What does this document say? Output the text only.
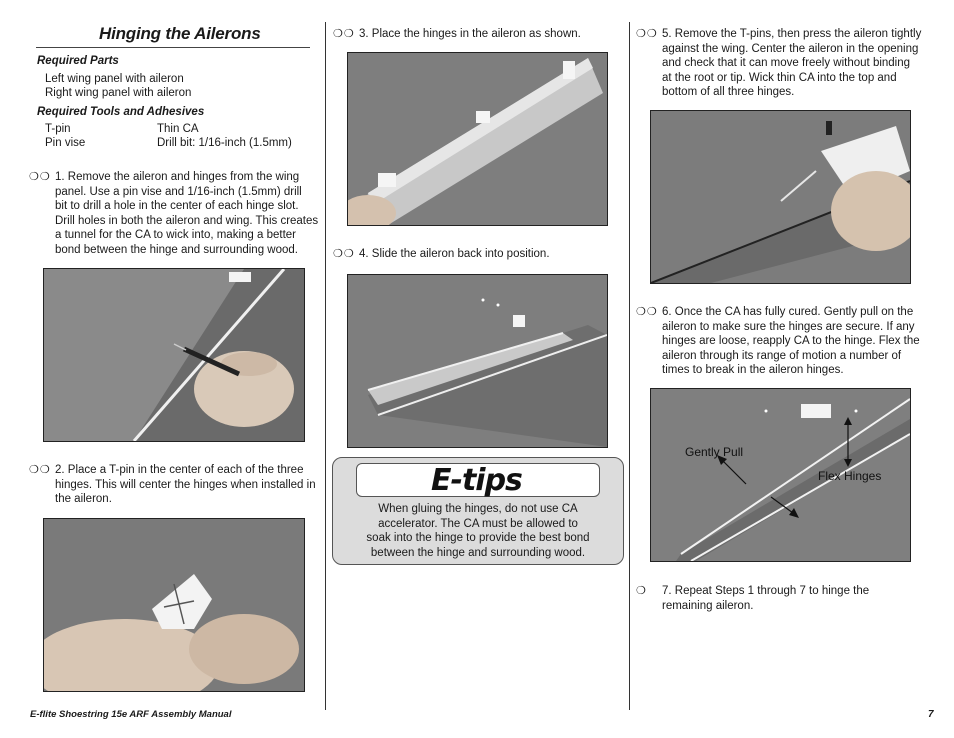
Hinging the Ailerons
Required Parts
Left wing panel with aileron
Right wing panel with aileron
Required Tools and Adhesives
T-pin	Thin CA
Pin vise	Drill bit: 1/16-inch (1.5mm)
❍❍ 1. Remove the aileron and hinges from the wing
panel. Use a pin vise and 1/16-inch (1.5mm) drill
bit to drill a hole in the center of each hinge slot.
Drill holes in both the aileron and wing. This creates
a tunnel for the CA to wick into, making a better
bond between the hinge and surrounding wood.
❍❍ 2. Place a T-pin in the center of each of the three
hinges. This will center the hinges when installed in
the aileron.
❍❍ 3. Place the hinges in the aileron as shown.
❍❍ 4. Slide the aileron back into position.
E-tips
When gluing the hinges, do not use CA
accelerator. The CA must be allowed to
soak into the hinge to provide the best bond
between the hinge and surrounding wood.
❍❍ 5. Remove the T-pins, then press the aileron tightly
against the wing. Center the aileron in the opening
and check that it can move freely without binding
at the root or tip. Wick thin CA into the top and
bottom of all three hinges.
❍❍ 6. Once the CA has fully cured. Gently pull on the
aileron to make sure the hinges are secure. If any
hinges are loose, reapply CA to the hinge. Flex the
aileron through its range of motion a number of
times to break in the aileron hinges.
Gently Pull
Flex Hinges
❍ 7. Repeat Steps 1 through 7 to hinge the
remaining aileron.
E-flite Shoestring 15e ARF Assembly Manual	7
